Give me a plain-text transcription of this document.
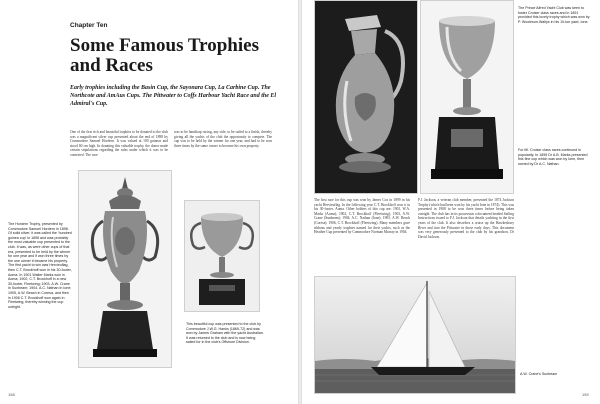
Chapter Ten
Some Famous Trophies and Races
Early trophies including the Basin Cup, the Sayonara Cup, La Carbine Cup. The Northcote and AmAus Cups. The Pittwater to Coffs Harbour Yacht Race and the El Admiral's Cup.
One of the first rich and beautiful trophies to be donated to the club was a magnificent silver cup presented about the end of 1898 by Commodore Samuel Hordern. It was valued at 100 guineas and stood 60 cm high. In donating this valuable trophy, the donor made certain stipulations regarding the rules under which it was to be contested. The race
was to be handicap racing, any side, to be sailed to a finish, thereby giving all the yachts of the club the opportunity to compete. The cup was to be held by the winner for one year, and had to be won three times by the same owner to become his own property.
The Hordern Trophy, presented by Commodore Samuel Hordern in 1898. Of solid silver, it was called the 'hundred guinea cup' in 1898 and was probably the most valuable cup presented to the club. It was, as were other cups of that era, presented to be held by the winner for one year and if won three times by the one owner it became his property. The first yacht to win was Hervieuflag, then C.T. Brockhoff won in his 30-footer, Aoma. In 1901 Walter Marks won in Aoma; 1902, C.T. Brockhoff in a new 30-footer, Fleetwing; 1903, A.W. Crane in Sunbeam; 1904, A.C. Nathan in Ione; 1905, A.W. Beach in Coresa, and then in 1906 C.T. Brockhoff won again in Fleetwing, thereby winning the cup outright.
This beautiful cup was presented to the club by Commodore J.W.G. Hanks (1869-72) and was won by James Graham with the yacht Australian. It was returned to the club and is now being sailed for in the club's Offshore Division.
158
The Prince Alfred Yacht Club was keen to foster Cruiser class races and in 1891 provided this lovely trophy which was won by P. Wooleson-Waltys in his 10-ton yawl, Ione.
For ltfl. Cruiser class races continued in popularity. In 1895 Dr A.B. Marks presented this fine cup which was won by Ione, then owned by Dr A.C. Nathan.
The first race for this cup was won by James Cox in 1899 in his yacht Hervieuflag. In the following year C.T. Brockhoff won it in his 30-footer, Aoma. Other holders of this cup are: 1901, W.A. Marks (Aoma); 1902, C.T. Brockhoff (Fleetwing); 1903, A.W. Crane (Sunbeam); 1904, A.C. Nathan (Ione); 1905, A.W. Beach (Coresa); 1906, C.T. Brockhoff (Fleetwing). Many members gave ribbons and yearly trophies named for their yachts, such as the Heather Cup presented by Commodore Norman Murray in 1904.
F.J. Jackson, a veteran club member, presented the 1874 Jackson Trophy (which had been won by his yacht Ione in 1874). This was presented in 1908 to be won three times before being taken outright. The club has in its possession a document headed Sailing Instructions issued to F.J. Jackson that details yachting in the first years of the club. It also describes a cruise up the Hawkesbury River and into the Pittwater in those early days. This document was very generously presented to the club by his grandson, Dr David Jackson.
A.W. Crane's Sunbeam
159
